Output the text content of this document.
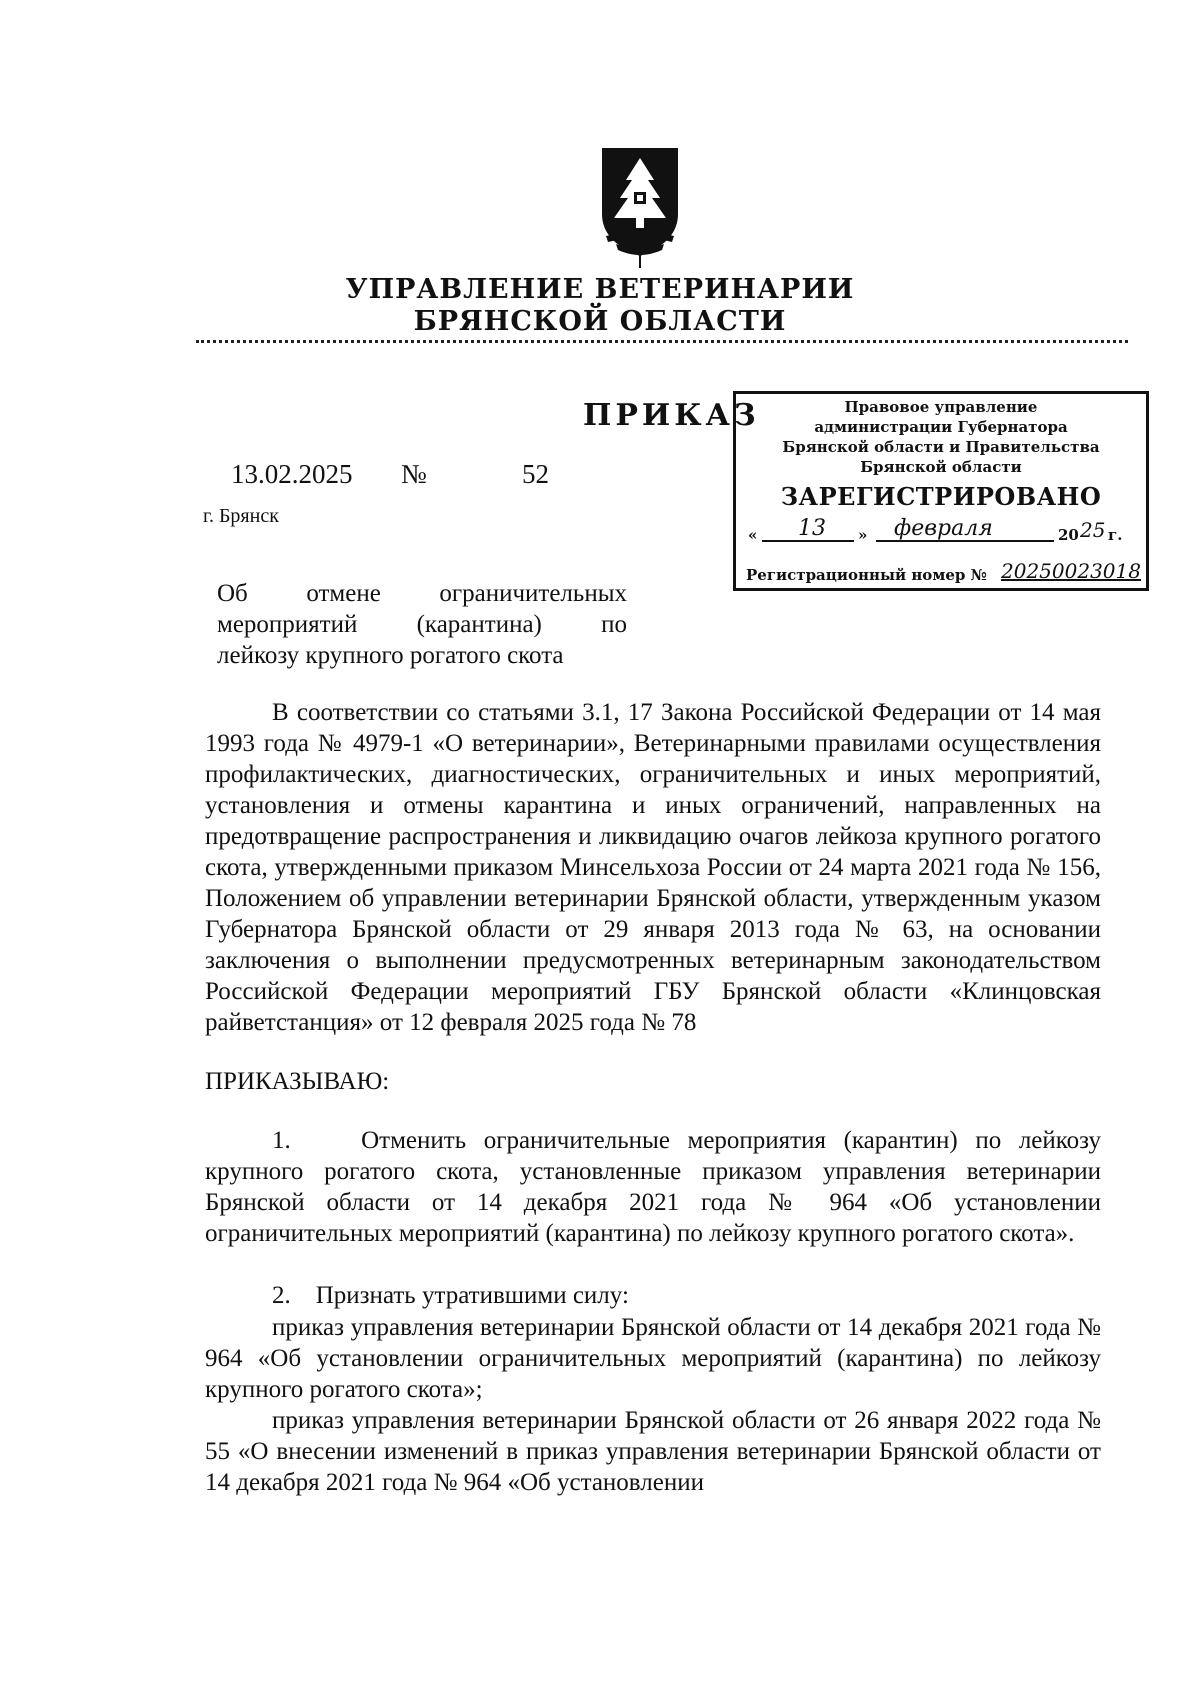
УПРАВЛЕНИЕ ВЕТЕРИНАРИИ
БРЯНСКОЙ ОБЛАСТИ
ПРИКАЗ
13.02.2025 №	52
г. Брянск
Правовое управление
администрации Губернатора
Брянской области и Правительства
Брянской области
ЗАРЕГИСТРИРОВАНО
« 13 » февраля	20 25 г.
Регистрационный номер № 20250023018
Об отмене ограничительных
мероприятий (карантина) по
лейкозу крупного рогатого скота
В соответствии со статьями 3.1, 17 Закона Российской Федерации от 14 мая 1993 года № 4979-1 «О ветеринарии», Ветеринарными правилами осуществления профилактических, диагностических, ограничительных и иных мероприятий, установления и отмены карантина и иных ограничений, направленных на предотвращение распространения и ликвидацию очагов лейкоза крупного рогатого скота, утвержденными приказом Минсельхоза России от 24 марта 2021 года № 156, Положением об управлении ветеринарии Брянской области, утвержденным указом Губернатора Брянской области от 29 января 2013 года № 63, на основании заключения о выполнении предусмотренных ветеринарным законодательством Российской Федерации мероприятий ГБУ Брянской области «Клинцовская райветстанция» от 12 февраля 2025 года № 78
ПРИКАЗЫВАЮ:
1.    Отменить ограничительные мероприятия (карантин) по лейкозу крупного рогатого скота, установленные приказом управления ветеринарии Брянской области от 14 декабря 2021 года № 964 «Об установлении ограничительных мероприятий (карантина) по лейкозу крупного рогатого скота».
2.    Признать утратившими силу:
приказ управления ветеринарии Брянской области от 14 декабря 2021 года № 964 «Об установлении ограничительных мероприятий (карантина) по лейкозу крупного рогатого скота»;
приказ управления ветеринарии Брянской области от 26 января 2022 года № 55 «О внесении изменений в приказ управления ветеринарии Брянской области от 14 декабря 2021 года № 964 «Об установлении
